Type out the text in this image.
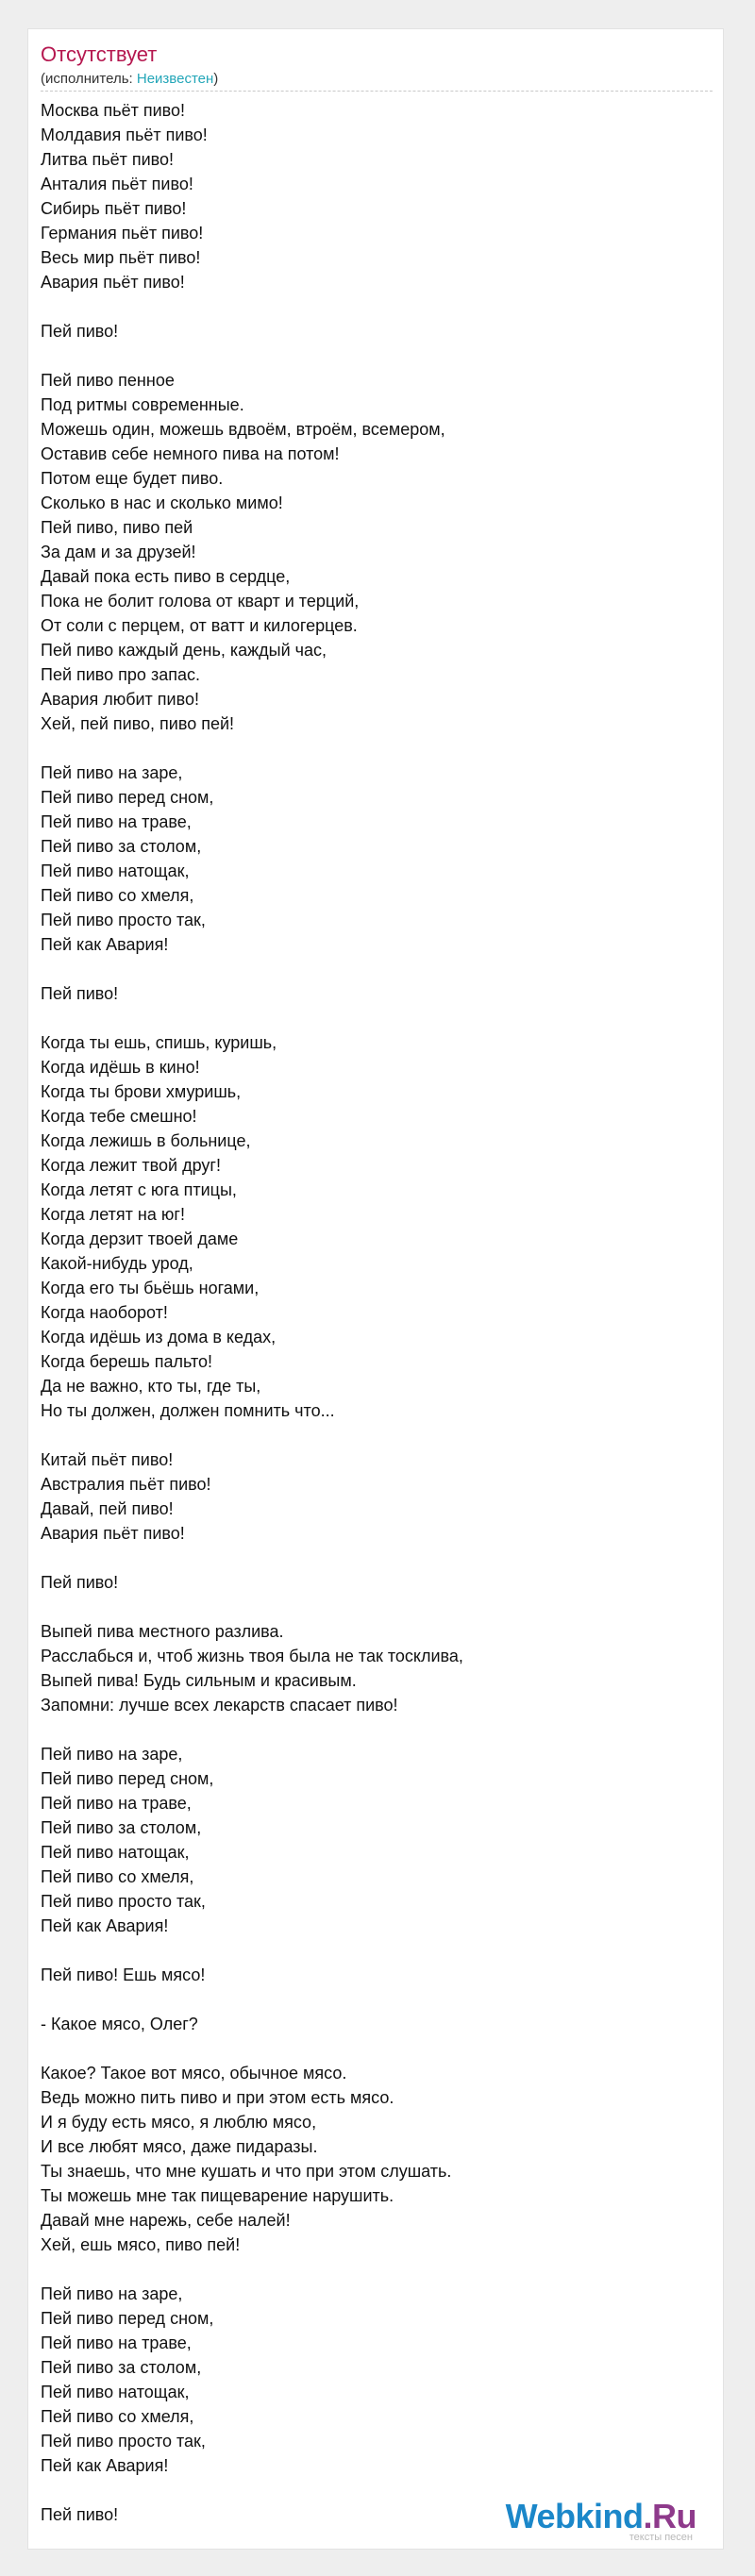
Отсутствует
(исполнитель: Неизвестен)
Москва пьёт пиво!
Молдавия пьёт пиво!
Литва пьёт пиво!
Анталия пьёт пиво!
Сибирь пьёт пиво!
Германия пьёт пиво!
Весь мир пьёт пиво!
Авария пьёт пиво!
Пей пиво!
Пей пиво пенное
Под ритмы современные.
Можешь один, можешь вдвоём, втроём, всемером,
Оставив себе немного пива на потом!
Потом еще будет пиво.
Сколько в нас и сколько мимо!
Пей пиво, пиво пей
За дам и за друзей!
Давай пока есть пиво в сердце,
Пока не болит голова от кварт и терций,
От соли с перцем, от ватт и килогерцев.
Пей пиво каждый день, каждый час,
Пей пиво про запас.
Авария любит пиво!
Хей, пей пиво, пиво пей!
Пей пиво на заре,
Пей пиво перед сном,
Пей пиво на траве,
Пей пиво за столом,
Пей пиво натощак,
Пей пиво со хмеля,
Пей пиво просто так,
Пей как Авария!
Пей пиво!
Когда ты ешь, спишь, куришь,
Когда идёшь в кино!
Когда ты брови хмуришь,
Когда тебе смешно!
Когда лежишь в больнице,
Когда лежит твой друг!
Когда летят с юга птицы,
Когда летят на юг!
Когда дерзит твоей даме
Какой-нибудь урод,
Когда его ты бьёшь ногами,
Когда наоборот!
Когда идёшь из дома в кедах,
Когда берешь пальто!
Да не важно, кто ты, где ты,
Но ты должен, должен помнить что...
Китай пьёт пиво!
Австралия пьёт пиво!
Давай, пей пиво!
Авария пьёт пиво!
Пей пиво!
Выпей пива местного разлива.
Расслабься и, чтоб жизнь твоя была не так тосклива,
Выпей пива! Будь сильным и красивым.
Запомни: лучше всех лекарств спасает пиво!
Пей пиво на заре,
Пей пиво перед сном,
Пей пиво на траве,
Пей пиво за столом,
Пей пиво натощак,
Пей пиво со хмеля,
Пей пиво просто так,
Пей как Авария!
Пей пиво! Ешь мясо!
- Какое мясо, Олег?
Какое? Такое вот мясо, обычное мясо.
Ведь можно пить пиво и при этом есть мясо.
И я буду есть мясо, я люблю мясо,
И все любят мясо, даже пидаразы.
Ты знаешь, что мне кушать и что при этом слушать.
Ты можешь мне так пищеварение нарушить.
Давай мне нарежь, себе налей!
Хей, ешь мясо, пиво пей!
Пей пиво на заре,
Пей пиво перед сном,
Пей пиво на траве,
Пей пиво за столом,
Пей пиво натощак,
Пей пиво со хмеля,
Пей пиво просто так,
Пей как Авария!
Пей пиво!	Webkind.Ru
тексты песен
